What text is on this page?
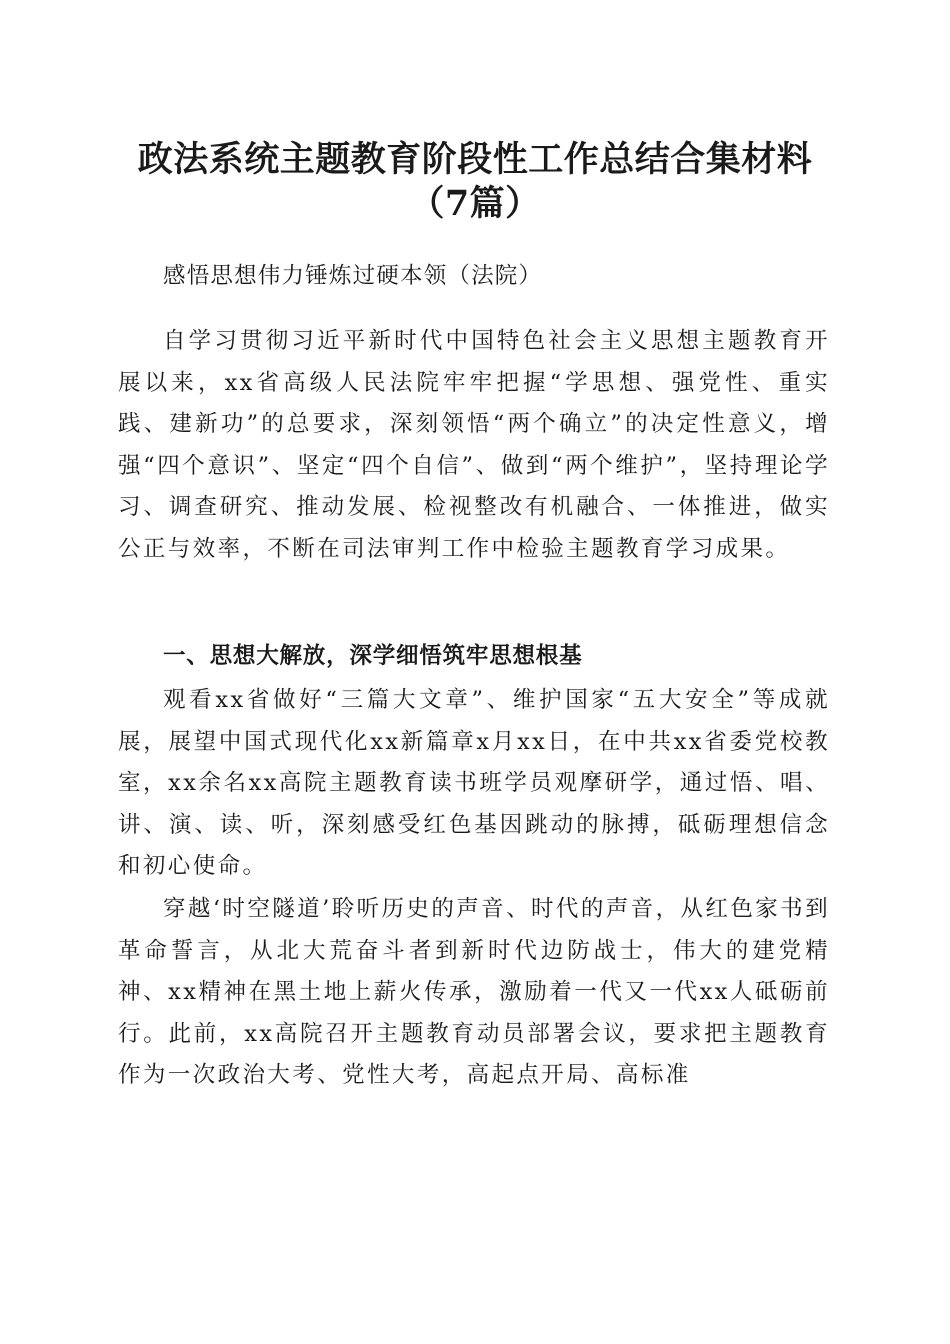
政法系统主题教育阶段性工作总结合集材料
（7篇）

感悟思想伟力锤炼过硬本领（法院）

自学习贯彻习近平新时代中国特色社会主义思想主题教育开展以来，xx省高级人民法院牢牢把握“学思想、强党性、重实践、建新功”的总要求，深刻领悟“两个确立”的决定性意义，增强“四个意识”、坚定“四个自信”、做到“两个维护”，坚持理论学习、调查研究、推动发展、检视整改有机融合、一体推进，做实公正与效率，不断在司法审判工作中检验主题教育学习成果。

一、思想大解放，深学细悟筑牢思想根基

观看xx省做好“三篇大文章”、维护国家“五大安全”等成就展，展望中国式现代化xx新篇章x月xx日，在中共xx省委党校教室，xx余名xx高院主题教育读书班学员观摩研学，通过悟、唱、讲、演、读、听，深刻感受红色基因跳动的脉搏，砥砺理想信念和初心使命。

穿越‘时空隧道’聆听历史的声音、时代的声音，从红色家书到革命誓言，从北大荒奋斗者到新时代边防战士，伟大的建党精神、xx精神在黑土地上薪火传承，激励着一代又一代xx人砥砺前行。此前，xx高院召开主题教育动员部署会议，要求把主题教育作为一次政治大考、党性大考，高起点开局、高标准
